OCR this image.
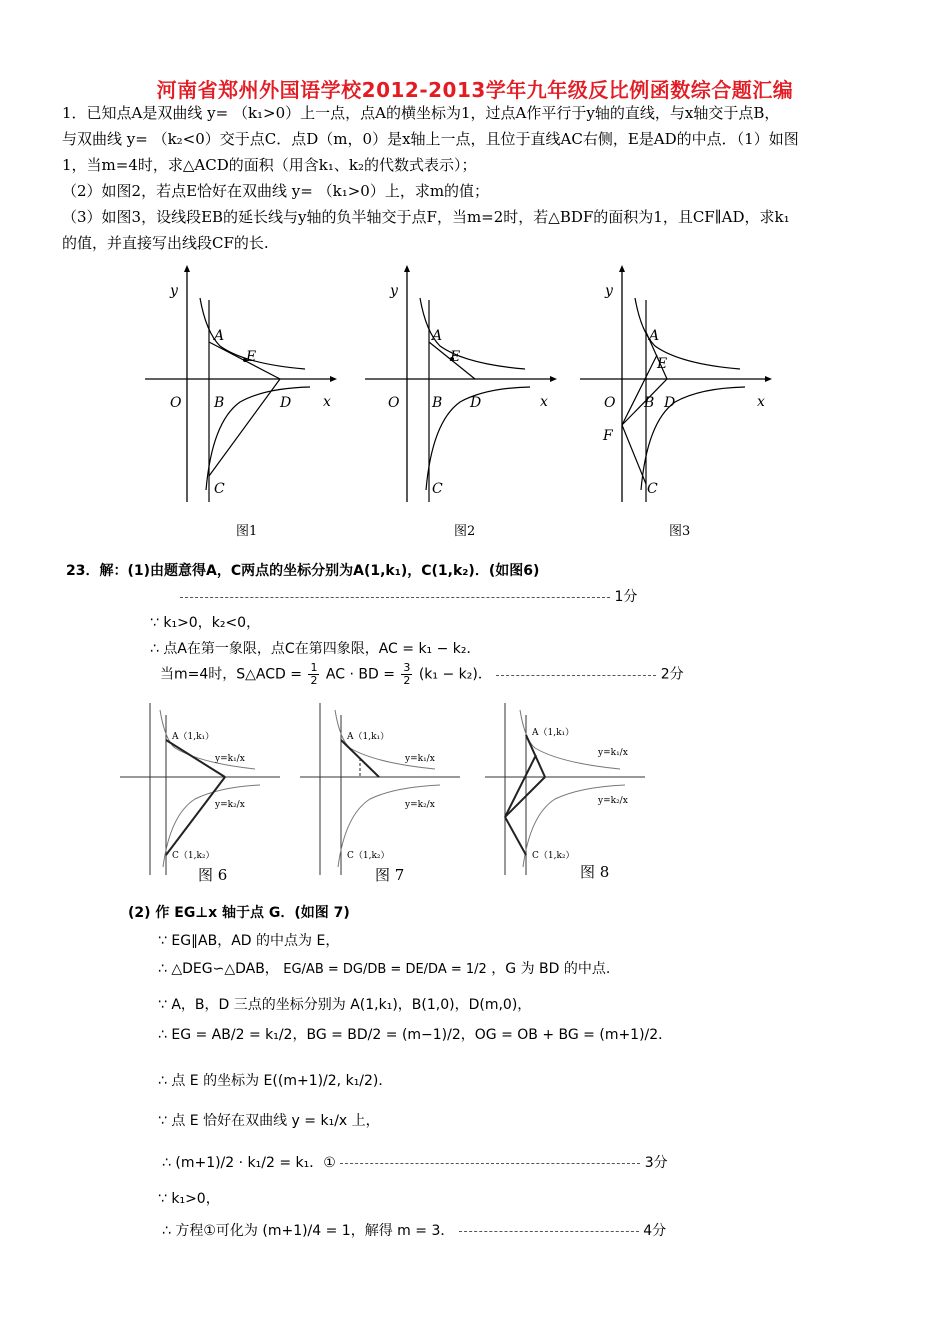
河南省郑州外国语学校2012-2013学年九年级反比例函数综合题汇编
1．已知点A是双曲线 y= （k₁>0）上一点，点A的横坐标为1，过点A作平行于y轴的直线，与x轴交于点B，
与双曲线 y= （k₂<0）交于点C．点D（m，0）是x轴上一点，且位于直线AC右侧，E是AD的中点．（1）如图
1，当m=4时，求△ACD的面积（用含k₁、k₂的代数式表示）；
（2）如图2，若点E恰好在双曲线 y= （k₁>0）上，求m的值；
（3）如图3，设线段EB的延长线与y轴的负半轴交于点F，当m=2时，若△BDF的面积为1，且CF∥AD，求k₁
的值，并直接写出线段CF的长.
y
x
O
A
E
B	D
C
图1
y
x
O
A
E
B D
C
图2
y
x
O
A
E
B D
F
C
图3
23．解：(1)由题意得A，C两点的坐标分别为A(1,k₁)，C(1,k₂)．(如图6)
1分
∵ k₁>0，k₂<0，
∴ 点A在第一象限，点C在第四象限，AC = k₁ − k₂．
当m=4时，S△ACD = $\frac{1}{2}$ AC · BD = $\frac{3}{2} (k_1 - k_2)$．	2分
A（1,k₁）
C（1,k₂）
y=k₁/x
y=k₂/x
图 6
A（1,k₁）
C（1,k₂）
y=k₁/x
y=k₂/x
图 7
A（1,k₁）
C（1,k₂）
y=k₁/x
y=k₂/x
图 8
(2) 作 EG⊥x 轴于点 G．(如图 7)
∵ EG∥AB，AD 的中点为 E，
∴ △DEG∽△DAB， EG/AB = DG/DB = DE/DA = 1/2 ，G 为 BD 的中点.
∵ A，B，D 三点的坐标分别为 A(1,k₁)，B(1,0)，D(m,0)，
∴ EG = AB/2 = k₁/2，BG = BD/2 = (m−1)/2，OG = OB + BG = (m+1)/2．
∴ 点 E 的坐标为 E((m+1)/2, k₁/2)．
∵ 点 E 恰好在双曲线 y = k₁/x 上，
∴ (m+1)/2 · k₁/2 = k₁．①	3分
∵ k₁>0，
∴ 方程①可化为 (m+1)/4 = 1，解得 m = 3．	4分
